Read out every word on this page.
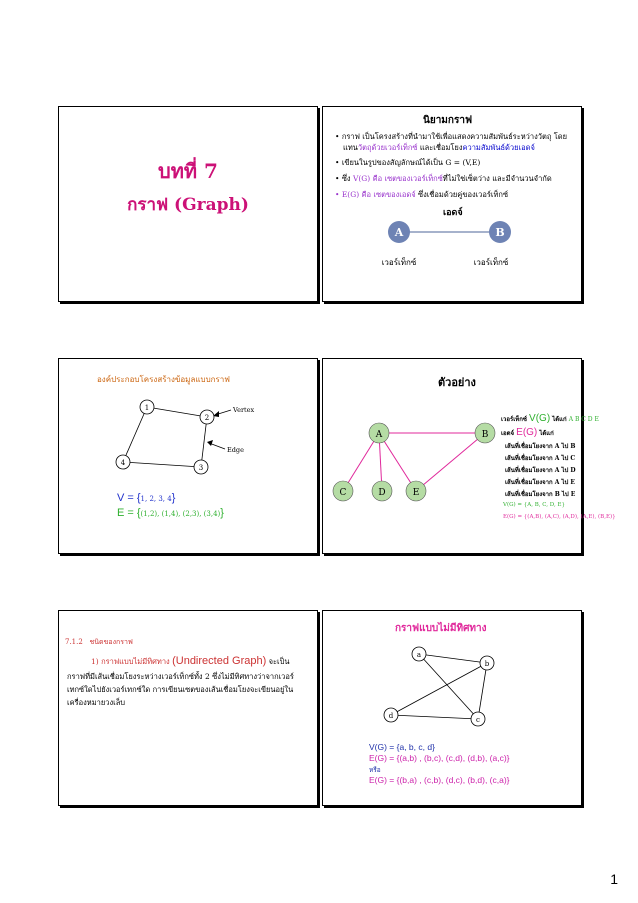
บทที่ 7
กราฟ (Graph)
นิยามกราฟ
• กราฟ เป็นโครงสร้างที่นำมาใช้เพื่อแสดงความสัมพันธ์ระหว่างวัตถุ โดย
แทนวัตถุด้วยเวอร์เท็กซ์ และเชื่อมโยงความสัมพันธ์ด้วยเอดจ์
• เขียนในรูปของสัญลักษณ์ได้เป็น G = (V,E)
• ซึ่ง V(G) คือ เซตของเวอร์เท็กซ์ที่ไม่ใช่เซ็ตว่าง และมีจำนวนจำกัด
• E(G) คือ เซตของเอดจ์ ซึ่งเชื่อมด้วยคู่ของเวอร์เท็กซ์
เอดจ์
A	B
เวอร์เท็กซ์	เวอร์เท็กซ์
องค์ประกอบโครงสร้างข้อมูลแบบกราฟ
1
2
3
4
Vertex
Edge
V = {1, 2, 3, 4}
E = {(1,2), (1,4), (2,3), (3,4)}
ตัวอย่าง
A	B
C	D	E
เวอร์เท็กซ์ V(G) ได้แก่ A B C D E
เอดจ์ E(G) ได้แก่
เส้นที่เชื่อมโยงจาก A ไป B
เส้นที่เชื่อมโยงจาก A ไป C
เส้นที่เชื่อมโยงจาก A ไป D
เส้นที่เชื่อมโยงจาก A ไป E
เส้นที่เชื่อมโยงจาก B ไป E
V(G) = {A, B, C, D, E}
E(G) = {(A,B), (A,C), (A,D), (A,E), (B,E)}
7.1.2 ชนิดของกราฟ
1) กราฟแบบไม่มีทิศทาง (Undirected Graph) จะเป็น
กราฟที่มีเส้นเชื่อมโยงระหว่างเวอร์เท็กซ์ทั้ง 2 ซึ่งไม่มีทิศทางว่าจากเวอร์
เทกซ์ใดไปยังเวอร์เทกซ์ใด การเขียนเซตของเส้นเชื่อมโยงจะเขียนอยู่ใน
เครื่องหมายวงเล็บ
กราฟแบบไม่มีทิศทาง
a
b
c
d
V(G) = {a, b, c, d}
E(G) = {(a,b) , (b,c), (c,d), (d,b), (a,c)}
หรือ
E(G) = {(b,a) , (c,b), (d,c), (b,d), (c,a)}
1
